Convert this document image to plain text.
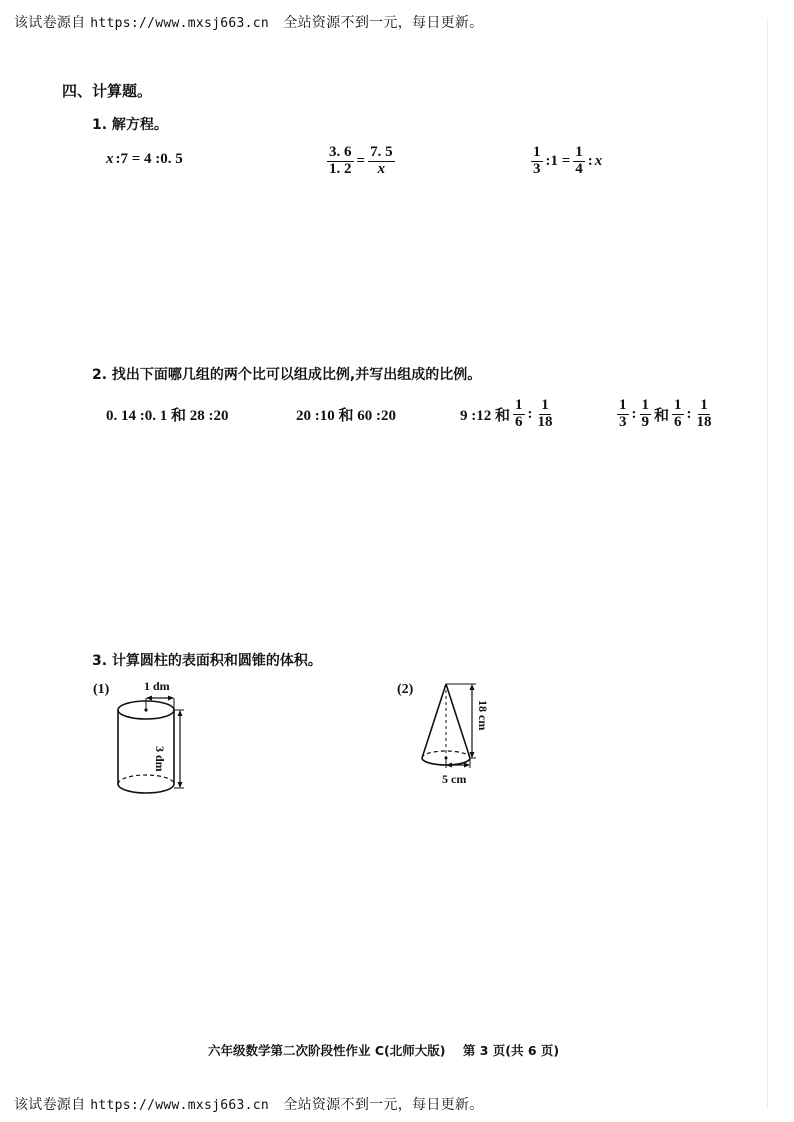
该试卷源自 https://www.mxsj663.cn 全站资源不到一元，每日更新。
四、计算题。
1. 解方程。
x :7 = 4 :0. 5	$\frac{3. 6}{1. 2} = \frac{7. 5}{x}$	$\frac{1}{3}$ :1 = $\frac{1}{4}$ : x
2. 找出下面哪几组的两个比可以组成比例,并写出组成的比例。
0. 14 :0. 1 和 28 :20	20 :10 和 60 :20	9 :12 和 $\frac{1}{6}$ : $\frac{1}{18}$	$\frac{1}{3}$ : $\frac{1}{9}$ 和 $\frac{1}{6}$ : $\frac{1}{18}$
3. 计算圆柱的表面积和圆锥的体积。
(1)	1 dm
3 dm
(2)
18 cm
5 cm
六年级数学第二次阶段性作业 C(北师大版)    第 3 页(共 6 页)
该试卷源自 https://www.mxsj663.cn 全站资源不到一元，每日更新。
